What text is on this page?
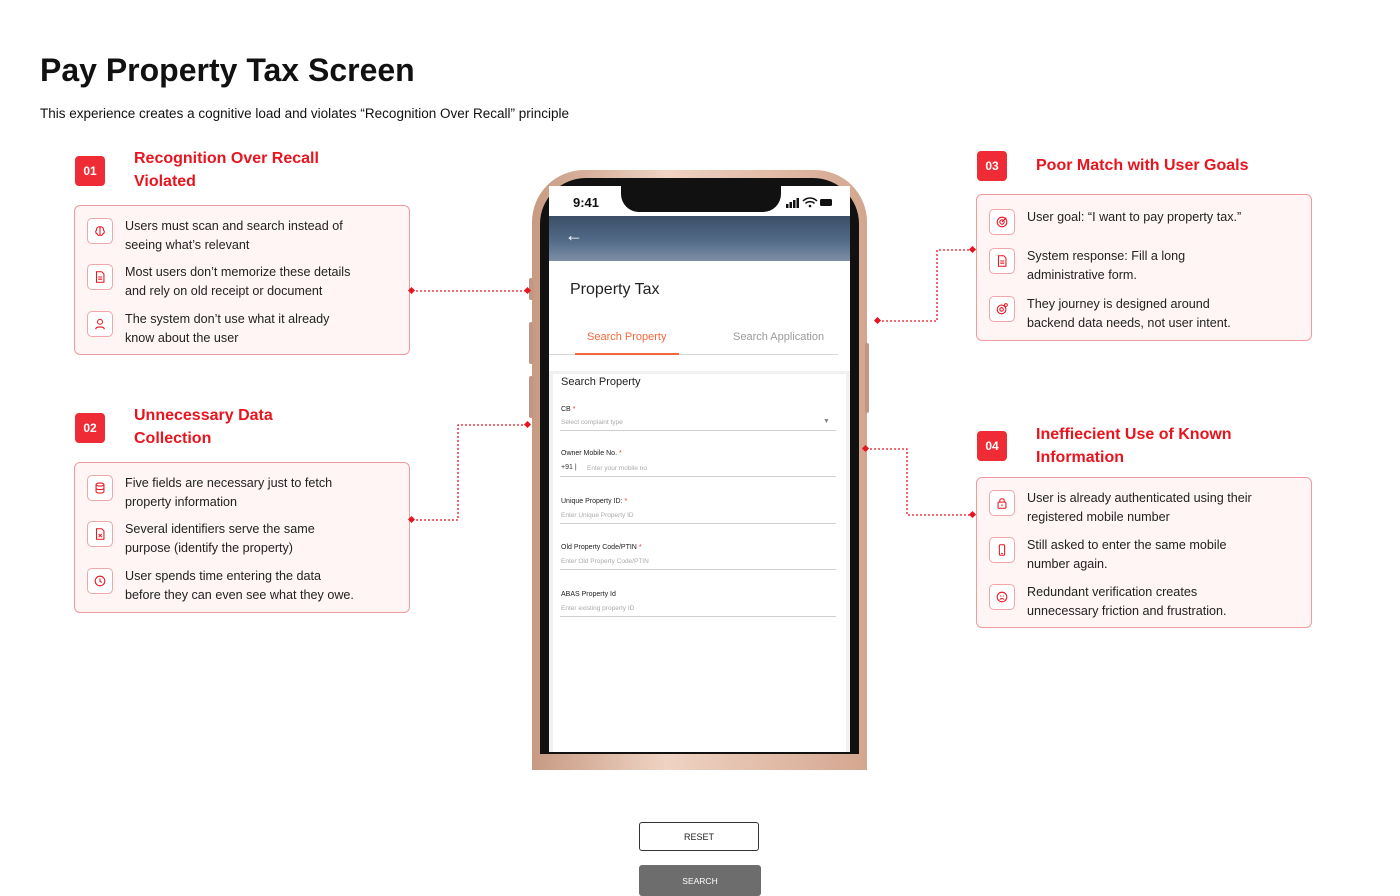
Pay Property Tax Screen

This experience creates a cognitive load and violates “Recognition Over Recall” principle

01
Recognition Over Recall
Violated
Users must scan and search instead of
seeing what’s relevant
Most users don’t memorize these details
and rely on old receipt or document
The system don’t use what it already
know about the user
02
Unnecessary Data
Collection
Five fields are necessary just to fetch
property information
Several identifiers serve the same
purpose (identify the property)
User spends time entering the data
before they can even see what they owe.
03	Poor Match with User Goals
User goal: “I want to pay property tax.”
System response: Fill a long
administrative form.
They journey is designed around
backend data needs, not user intent.
04
Ineffiecient Use of Known
Information
User is already authenticated using their
registered mobile number
Still asked to enter the same mobile
number again.
Redundant verification creates
unnecessary friction and frustration.
9:41
←
Property Tax
Search Property	Search Application
Search Property
CB *
Select complaint type	▼
Owner Mobile No. *
+91 | Enter your mobile no
Unique Property ID: *
Enter Unique Property ID
Old Property Code/PTIN *
Enter Old Property Code/PTIN
ABAS Property Id
Enter existing property ID
RESET
SEARCH
